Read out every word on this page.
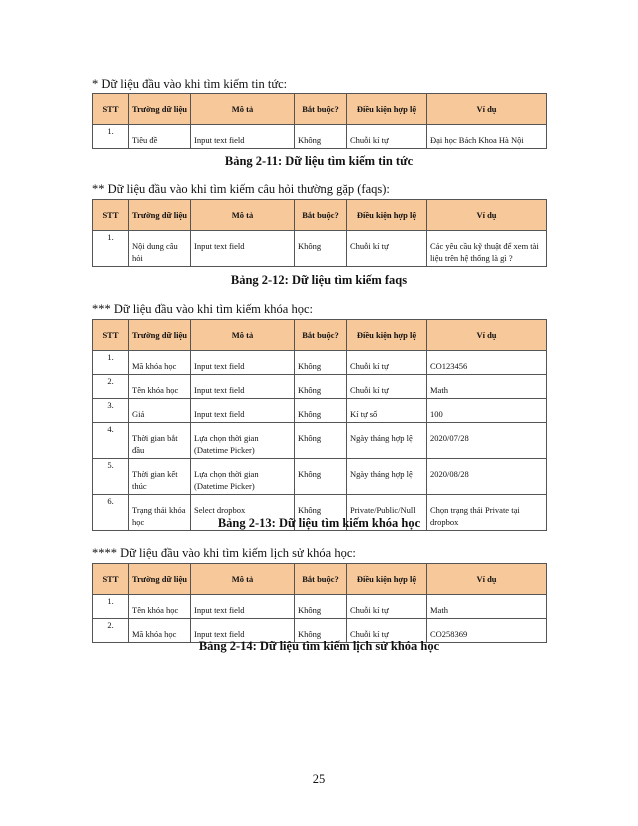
* Dữ liệu đầu vào khi tìm kiếm tin tức:
STT	Trường dữ liệu	Mô tả	Bắt buộc?	Điều kiện hợp lệ	Ví dụ
1.	Tiêu đề	Input text field	Không	Chuỗi kí tự	Đại học Bách Khoa Hà Nội
Bảng 2-11: Dữ liệu tìm kiếm tin tức
** Dữ liệu đầu vào khi tìm kiếm câu hỏi thường gặp (faqs):
STT	Trường dữ liệu	Mô tả	Bắt buộc?	Điều kiện hợp lệ	Ví dụ
1.	Nội dung câu hỏi	Input text field	Không	Chuỗi kí tự	Các yêu cầu kỹ thuật để xem tài liệu trên hệ thống là gì ?
Bảng 2-12: Dữ liệu tìm kiếm faqs
*** Dữ liệu đầu vào khi tìm kiếm khóa học:
STT	Trường dữ liệu	Mô tả	Bắt buộc?	Điều kiện hợp lệ	Ví dụ
1.	Mã khóa học	Input text field	Không	Chuỗi kí tự	CO123456
2.	Tên khóa học	Input text field	Không	Chuỗi kí tự	Math
3.	Giá	Input text field	Không	Kí tự số	100
4.	Thời gian bắt đầu	Lựa chọn thời gian (Datetime Picker)	Không	Ngày tháng hợp lệ	2020/07/28
5.	Thời gian kết thúc	Lựa chọn thời gian (Datetime Picker)	Không	Ngày tháng hợp lệ	2020/08/28
6.	Trạng thái khóa học	Select dropbox	Không	Private/Public/Null	Chọn trạng thái Private tại dropbox
Bảng 2-13: Dữ liệu tìm kiếm khóa học
**** Dữ liệu đầu vào khi tìm kiếm lịch sử khóa học:
STT	Trường dữ liệu	Mô tả	Bắt buộc?	Điều kiện hợp lệ	Ví dụ
1.	Tên khóa học	Input text field	Không	Chuỗi kí tự	Math
2.	Mã khóa học	Input text field	Không	Chuỗi kí tự	CO258369
Bảng 2-14: Dữ liệu tìm kiếm lịch sử khóa học
25
